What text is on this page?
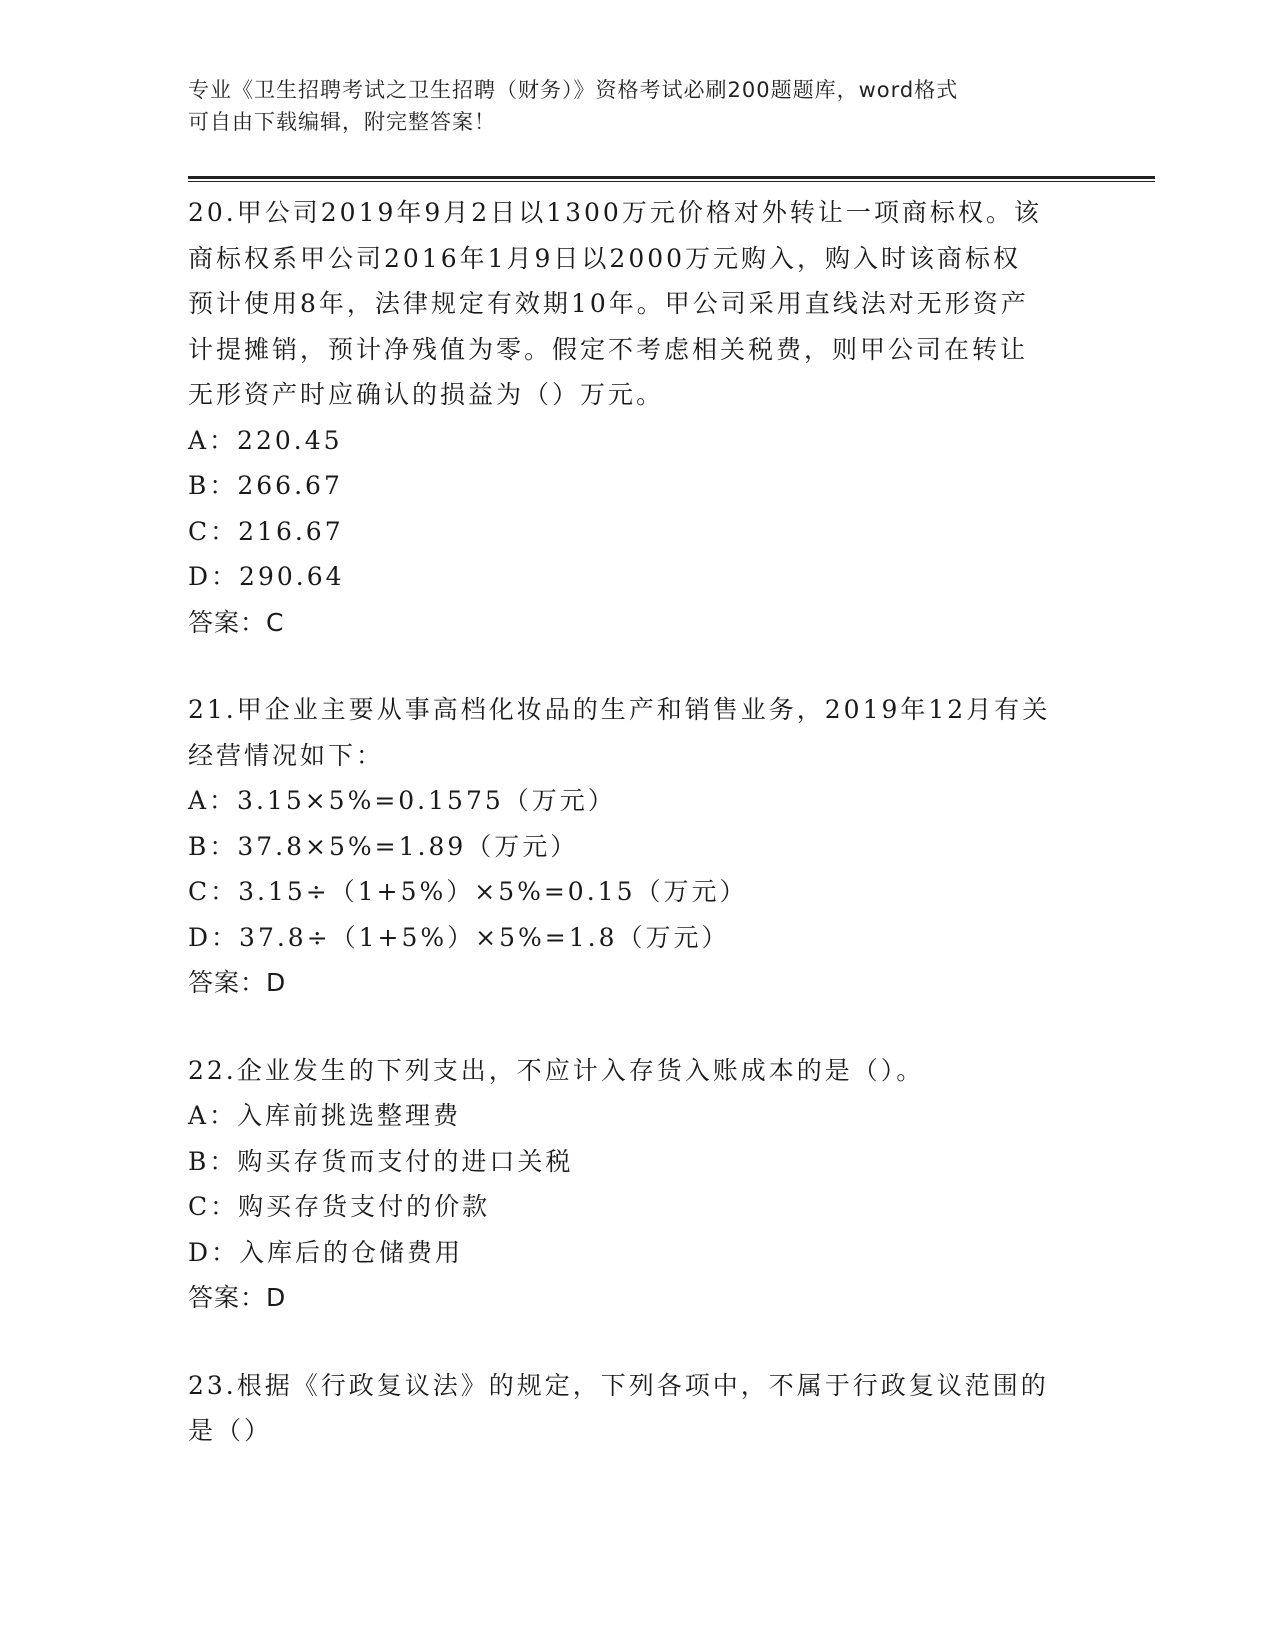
专业《卫生招聘考试之卫生招聘（财务）》资格考试必刷200题题库，word格式
可自由下载编辑，附完整答案！
20.甲公司2019年9月2日以1300万元价格对外转让一项商标权。该
商标权系甲公司2016年1月9日以2000万元购入，购入时该商标权
预计使用8年，法律规定有效期10年。甲公司采用直线法对无形资产
计提摊销，预计净残值为零。假定不考虑相关税费，则甲公司在转让
无形资产时应确认的损益为（）万元。
A：220.45
B：266.67
C：216.67
D：290.64
答案：C
21.甲企业主要从事高档化妆品的生产和销售业务，2019年12月有关
经营情况如下：
A：3.15×5%=0.1575（万元）
B：37.8×5%=1.89（万元）
C：3.15÷（1+5%）×5%=0.15（万元）
D：37.8÷（1+5%）×5%=1.8（万元）
答案：D
22.企业发生的下列支出，不应计入存货入账成本的是（）。
A：入库前挑选整理费
B：购买存货而支付的进口关税
C：购买存货支付的价款
D：入库后的仓储费用
答案：D
23.根据《行政复议法》的规定，下列各项中，不属于行政复议范围的
是（）
